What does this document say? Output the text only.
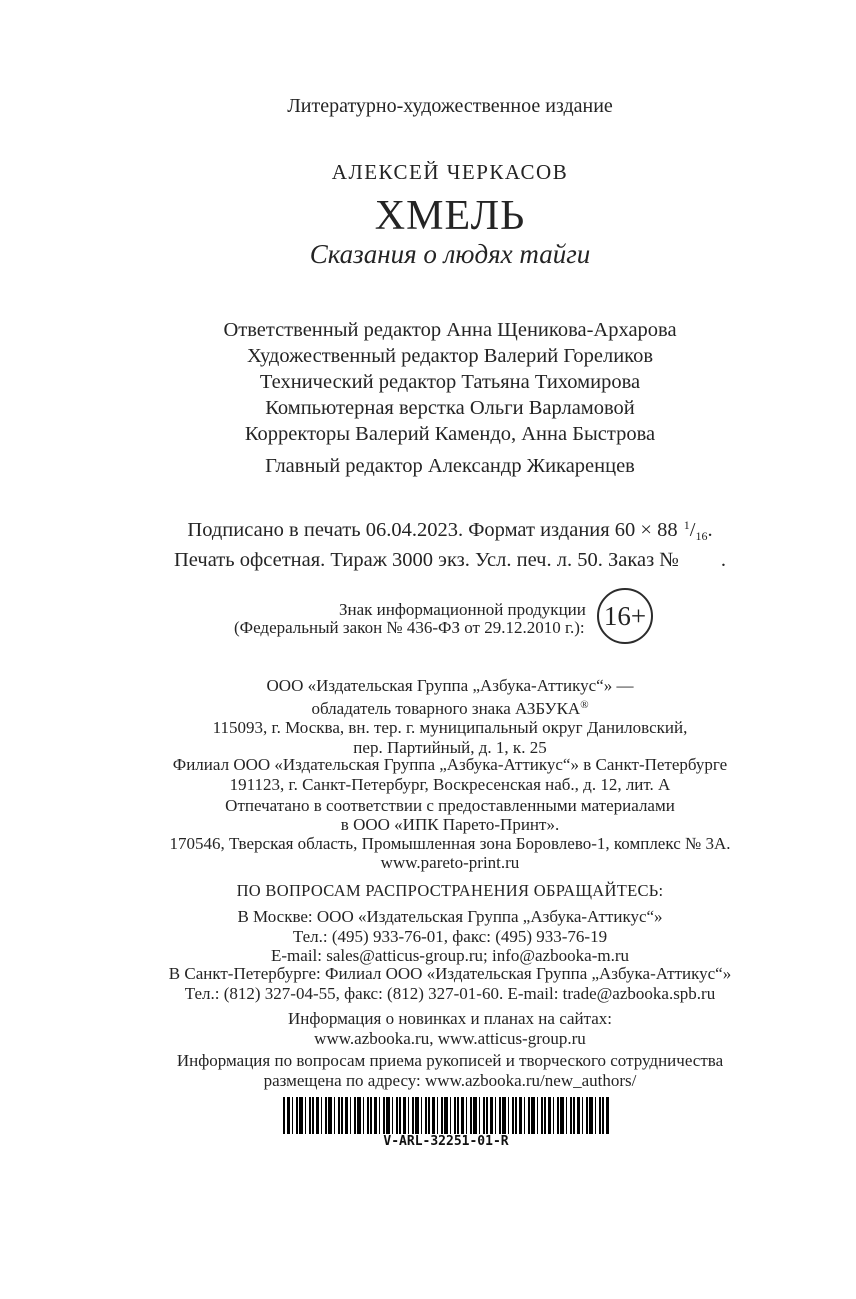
Литературно-художественное издание
АЛЕКСЕЙ ЧЕРКАСОВ
ХМЕЛЬ
Сказания о людях тайги
Ответственный редактор Анна Щеникова-Архарова
Художественный редактор Валерий Гореликов
Технический редактор Татьяна Тихомирова
Компьютерная верстка Ольги Варламовой
Корректоры Валерий Камендо, Анна Быстрова
Главный редактор Александр Жикаренцев
Подписано в печать 06.04.2023. Формат издания 60 × 88 $^1/_{16}$.
Печать офсетная. Тираж 3000 экз. Усл. печ. л. 50. Заказ № .
Знак информационной продукции
(Федеральный закон № 436-ФЗ от 29.12.2010 г.): 16+
ООО «Издательская Группа „Азбука-Аттикус“» —
обладатель товарного знака АЗБУКА®
115093, г. Москва, вн. тер. г. муниципальный округ Даниловский,
пер. Партийный, д. 1, к. 25
Филиал ООО «Издательская Группа „Азбука-Аттикус“» в Санкт-Петербурге
191123, г. Санкт-Петербург, Воскресенская наб., д. 12, лит. А
Отпечатано в соответствии с предоставленными материалами
в ООО «ИПК Парето-Принт».
170546, Тверская область, Промышленная зона Боровлево-1, комплекс № 3А.
www.pareto-print.ru
ПО ВОПРОСАМ РАСПРОСТРАНЕНИЯ ОБРАЩАЙТЕСЬ:
В Москве: ООО «Издательская Группа „Азбука-Аттикус“»
Тел.: (495) 933-76-01, факс: (495) 933-76-19
E-mail: sales@atticus-group.ru; info@azbooka-m.ru
В Санкт-Петербурге: Филиал ООО «Издательская Группа „Азбука-Аттикус“»
Тел.: (812) 327-04-55, факс: (812) 327-01-60. E-mail: trade@azbooka.spb.ru
Информация о новинках и планах на сайтах:
www.azbooka.ru, www.atticus-group.ru
Информация по вопросам приема рукописей и творческого сотрудничества
размещена по адресу: www.azbooka.ru/new_authors/
V-ARL-32251-01-R
